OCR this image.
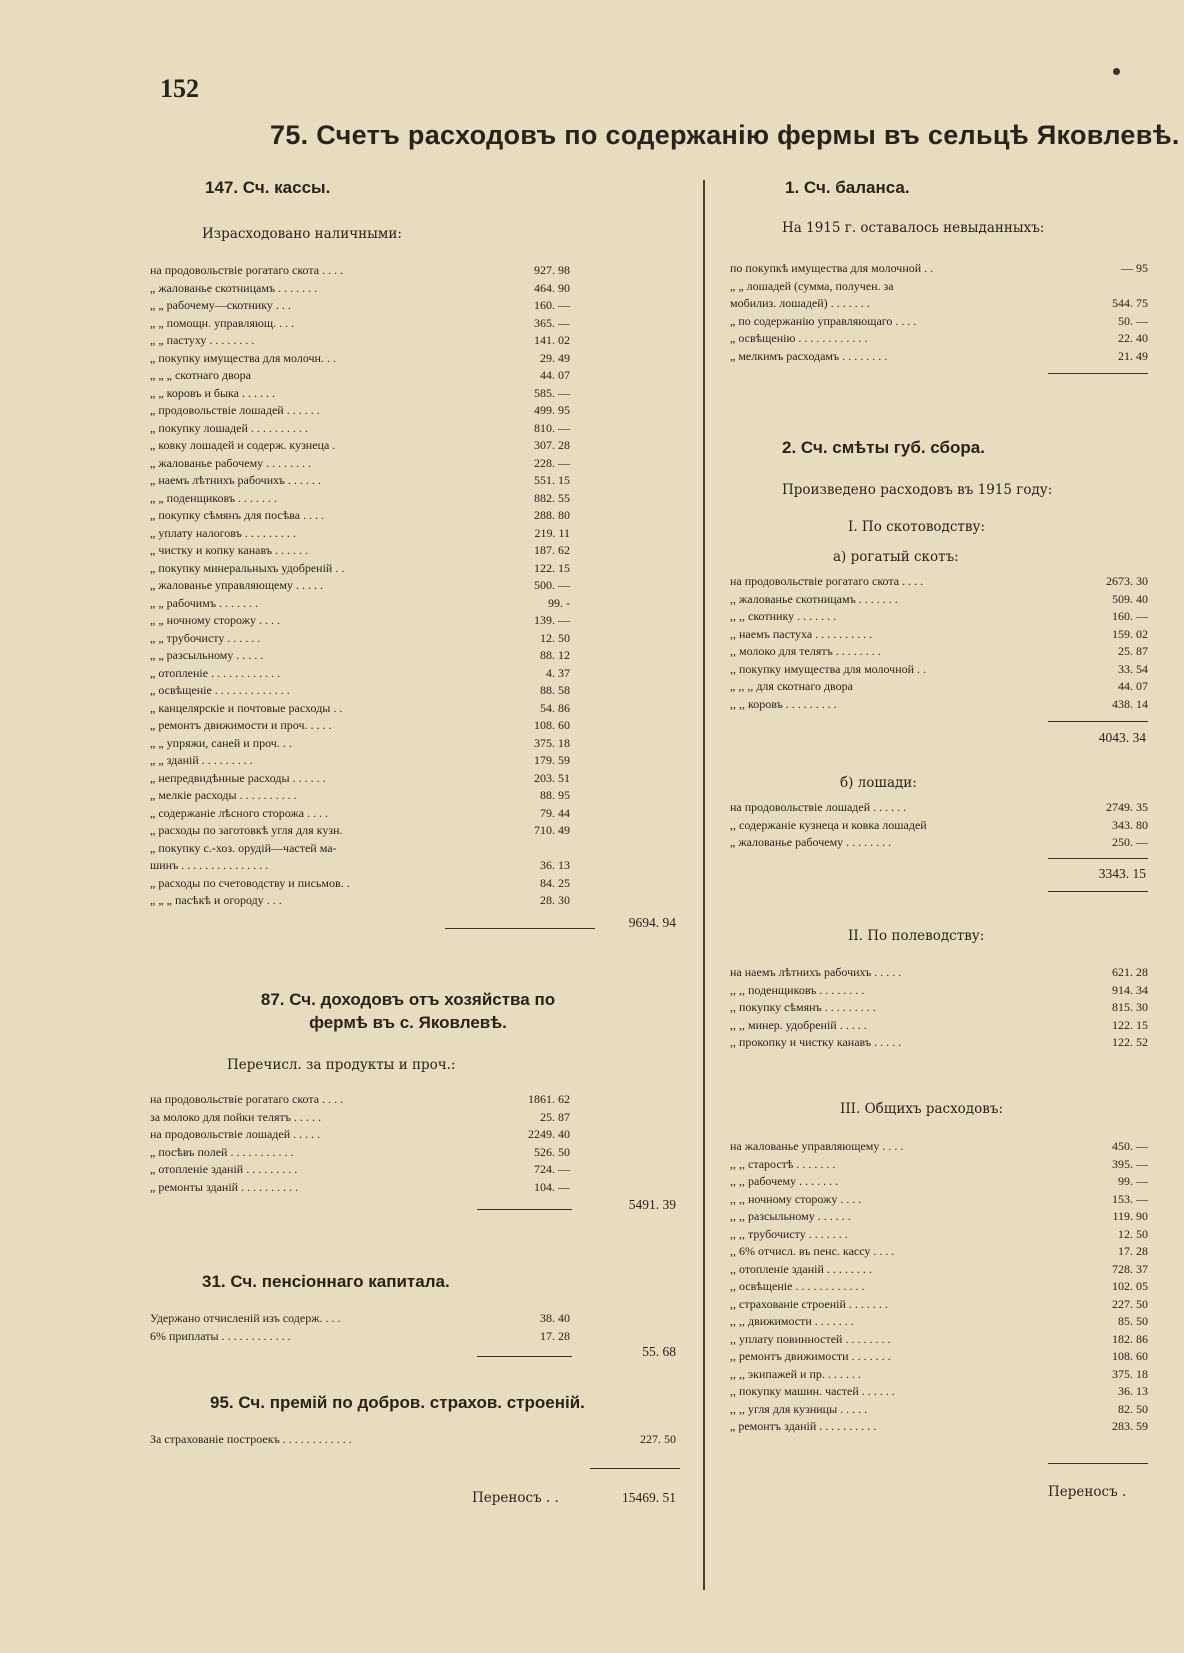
152
75. Счетъ расходовъ по содержанію фермы въ сельцѣ Яковлевѣ.
147. Сч. кассы.
Израсходовано наличными:
на продовольствіе рогатаго скота . . . .	927. 98
„ жалованье скотницамъ . . . . . . .	464. 90
„ „ рабочему—скотнику . . .	160. —
„ „ помощн. управляющ. . . .	365. —
„ „ пастуху . . . . . . . .	141. 02
„ покупку имущества для молочн. . .	29. 49
„ „ „ скотнаго двора	44. 07
„ „ коровъ и быка . . . . . .	585. —
„ продовольствіе лошадей . . . . . .	499. 95
„ покупку лошадей . . . . . . . . . .	810. —
„ ковку лошадей и содерж. кузнеца .	307. 28
„ жалованье рабочему . . . . . . . .	228. —
„ наемъ лѣтнихъ рабочихъ . . . . . .	551. 15
„ „ поденщиковъ . . . . . . .	882. 55
„ покупку сѣмянъ для посѣва . . . .	288. 80
„ уплату налоговъ . . . . . . . . .	219. 11
„ чистку и копку канавъ . . . . . .	187. 62
„ покупку минеральныхъ удобреній . .	122. 15
„ жалованье управляющему . . . . .	500. —
„ „ рабочимъ . . . . . . .	99. -
„ „ ночному сторожу . . . .	139. —
„ „ трубочисту . . . . . .	12. 50
„ „ разсыльному . . . . .	88. 12
„ отопленіе . . . . . . . . . . . .	4. 37
„ освѣщеніе . . . . . . . . . . . . .	88. 58
„ канцелярскіе и почтовые расходы . .	54. 86
„ ремонтъ движимости и проч. . . . .	108. 60
„ „ упряжи, саней и проч. . .	375. 18
„ „ зданій . . . . . . . . .	179. 59
„ непредвидѣнные расходы . . . . . .	203. 51
„ мелкіе расходы . . . . . . . . . .	88. 95
„ содержаніе лѣсного сторожа . . . .	79. 44
„ расходы по заготовкѣ угля для кузн.	710. 49
„ покупку с.-хоз. орудій—частей ма-
шинъ . . . . . . . . . . . . . . .	36. 13
„ расходы по счетоводству и письмов. .	84. 25
„ „ „ пасѣкѣ и огороду . . .	28. 30
9694. 94
87. Сч. доходовъ отъ хозяйства по
фермѣ въ с. Яковлевѣ.
Перечисл. за продукты и проч.:
на продовольствіе рогатаго скота . . . .	1861. 62
за молоко для пойки телятъ . . . . .	25. 87
на продовольствіе лошадей . . . . .	2249. 40
„ посѣвъ полей . . . . . . . . . . .	526. 50
„ отопленіе зданій . . . . . . . . .	724. —
„ ремонты зданій . . . . . . . . . .	104. —
5491. 39
31. Сч. пенсіоннаго капитала.
Удержано отчисленій изъ содерж. . . .	38. 40
6% приплаты . . . . . . . . . . . .	17. 28
55. 68
95. Сч. премій по добров. страхов. строеній.
За страхованіе построекъ . . . . . . . . . . . .	227. 50
Переносъ . .	15469. 51
1. Сч. баланса.
На 1915 г. оставалось невыданныхъ:
по покупкѣ имущества для молочной . .	— 95
„ „ лошадей (сумма, получен. за
мобилиз. лошадей) . . . . . . .	544. 75
„ по содержанію управляющаго . . . .	50. —
„ освѣщенію . . . . . . . . . . . .	22. 40
„ мелкимъ расходамъ . . . . . . . .	21. 49
2. Сч. смѣты губ. сбора.
Произведено расходовъ въ 1915 году:
I. По скотоводству:
а) рогатый скотъ:
на продовольствіе рогатаго скота . . . .	2673. 30
,, жалованье скотницамъ . . . . . . .	509. 40
,, ,, скотнику . . . . . . .	160. —
,, наемъ пастуха . . . . . . . . . .	159. 02
,, молоко для телятъ . . . . . . . .	25. 87
,, покупку имущества для молочной . .	33. 54
„ ,, ,, для скотнаго двора	44. 07
,, ,, коровъ . . . . . . . . .	438. 14
4043. 34
б) лошади:
на продовольствіе лошадей . . . . . .	2749. 35
,, содержаніе кузнеца и ковка лошадей	343. 80
„ жалованье рабочему . . . . . . . .	250. —
3343. 15
II. По полеводству:
на наемъ лѣтнихъ рабочихъ . . . . .	621. 28
,, ,, поденщиковъ . . . . . . . .	914. 34
,, покупку сѣмянъ . . . . . . . . .	815. 30
,, ,, минер. удобреній . . . . .	122. 15
,, прокопку и чистку канавъ . . . . .	122. 52
III. Общихъ расходовъ:
на жалованье управляющему . . . .	450. —
,, ,, старостѣ . . . . . . .	395. —
,, ,, рабочему . . . . . . .	99. —
,, ,, ночному сторожу . . . .	153. —
,, ,, разсыльному . . . . . .	119. 90
,, ,, трубочисту . . . . . . .	12. 50
,, 6% отчисл. въ пенс. кассу . . . .	17. 28
,, отопленіе зданій . . . . . . . .	728. 37
,, освѣщеніе . . . . . . . . . . . .	102. 05
,, страхованіе строеній . . . . . . .	227. 50
,, ,, движимости . . . . . . .	85. 50
,, уплату повинностей . . . . . . . .	182. 86
,, ремонтъ движимости . . . . . . .	108. 60
,, ,, экипажей и пр. . . . . . .	375. 18
,, покупку машин. частей . . . . . .	36. 13
,, ,, угля для кузницы . . . . .	82. 50
„ ремонтъ зданій . . . . . . . . . .	283. 59
Переносъ .
